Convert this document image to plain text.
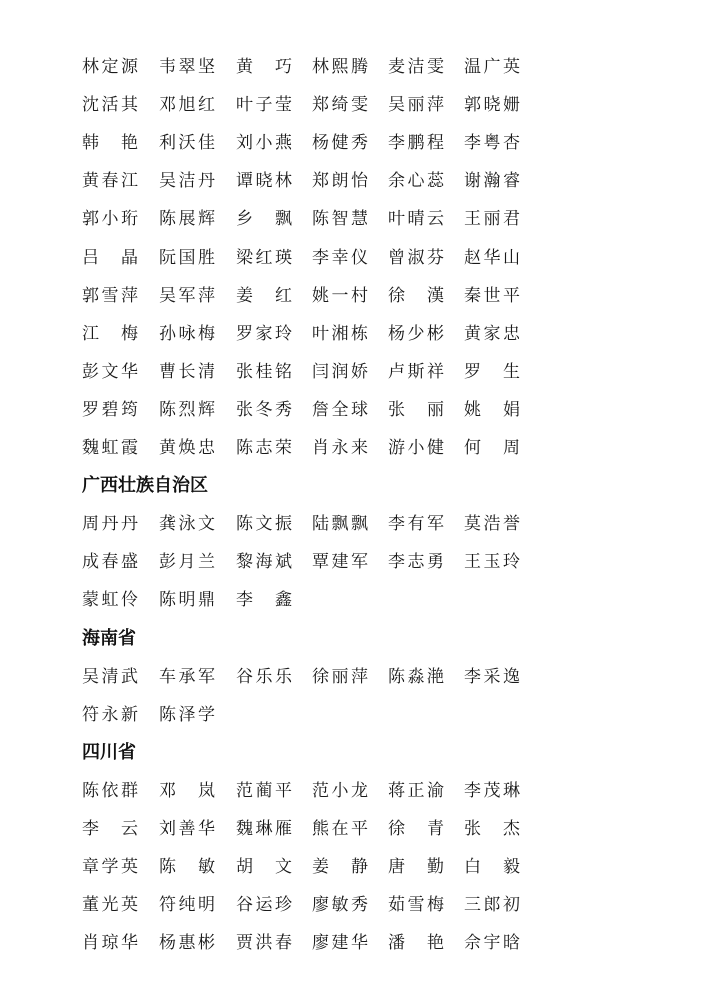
林 定 源 韦 翠 坚 黄 巧 林 熙 腾 麦 洁 雯 温 广 英
沈 活 其 邓 旭 红 叶 子 莹 郑 绮 雯 吴 丽 萍 郭 晓 姗
韩 艳 利 沃 佳 刘 小 燕 杨 健 秀 李 鹏 程 李 粤 杏
黄 春 江 吴 洁 丹 谭 晓 林 郑 朗 怡 余 心 蕊 谢 瀚 睿
郭 小 珩 陈 展 辉 乡 飘 陈 智 慧 叶 晴 云 王 丽 君
吕 晶 阮 国 胜 梁 红 瑛 李 幸 仪 曾 淑 芬 赵 华 山
郭 雪 萍 吴 军 萍 姜 红 姚 一 村 徐 漢 秦 世 平
江 梅 孙 咏 梅 罗 家 玲 叶 湘 栋 杨 少 彬 黄 家 忠
彭 文 华 曹 长 清 张 桂 铭 闫 润 娇 卢 斯 祥 罗 生
罗 碧 筠 陈 烈 辉 张 冬 秀 詹 全 球 张 丽 姚 娟
魏 虹 霞 黄 焕 忠 陈 志 荣 肖 永 来 游 小 健 何 周
广西壮族自治区
周 丹 丹 龚 泳 文 陈 文 振 陆 飘 飘 李 有 军 莫 浩 誉
成 春 盛 彭 月 兰 黎 海 斌 覃 建 军 李 志 勇 王 玉 玲
蒙 虹 伶 陈 明 鼎 李 鑫
海南省
吴 清 武 车 承 军 谷 乐 乐 徐 丽 萍 陈 淼 滟 李 采 逸
符 永 新 陈 泽 学
四川省
陈 依 群 邓 岚 范 蔺 平 范 小 龙 蒋 正 渝 李 茂 琳
李 云 刘 善 华 魏 琳 雁 熊 在 平 徐 青 张 杰
章 学 英 陈 敏 胡 文 姜 静 唐 勤 白 毅
董 光 英 符 纯 明 谷 运 珍 廖 敏 秀 茹 雪 梅 三 郎 初
肖 琼 华 杨 惠 彬 贾 洪 春 廖 建 华 潘 艳 佘 宇 晗
